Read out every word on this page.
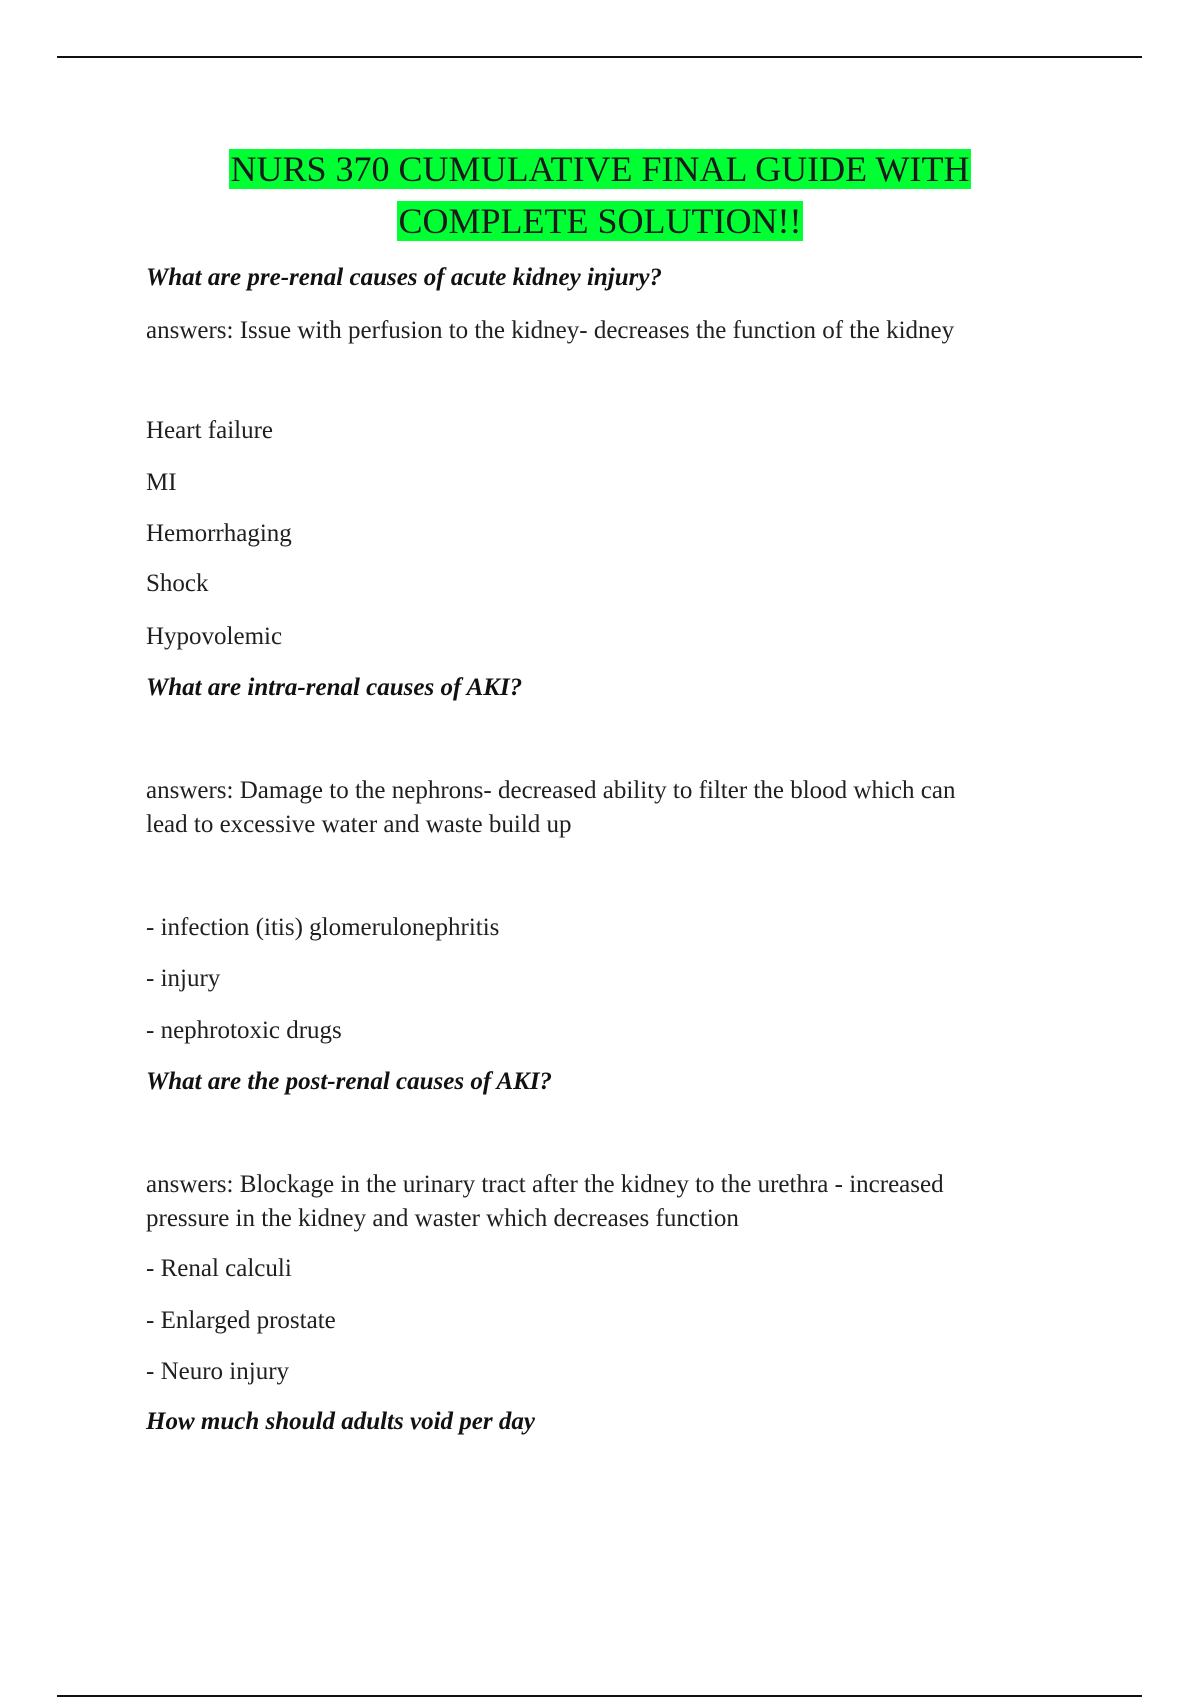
NURS 370 CUMULATIVE FINAL GUIDE WITH
COMPLETE SOLUTION!!
What are pre-renal causes of acute kidney injury?
answers: Issue with perfusion to the kidney- decreases the function of the kidney
Heart failure
MI
Hemorrhaging
Shock
Hypovolemic
What are intra-renal causes of AKI?
answers: Damage to the nephrons- decreased ability to filter the blood which can
lead to excessive water and waste build up
- infection (itis) glomerulonephritis
- injury
- nephrotoxic drugs
What are the post-renal causes of AKI?
answers: Blockage in the urinary tract after the kidney to the urethra - increased
pressure in the kidney and waster which decreases function
- Renal calculi
- Enlarged prostate
- Neuro injury
How much should adults void per day
